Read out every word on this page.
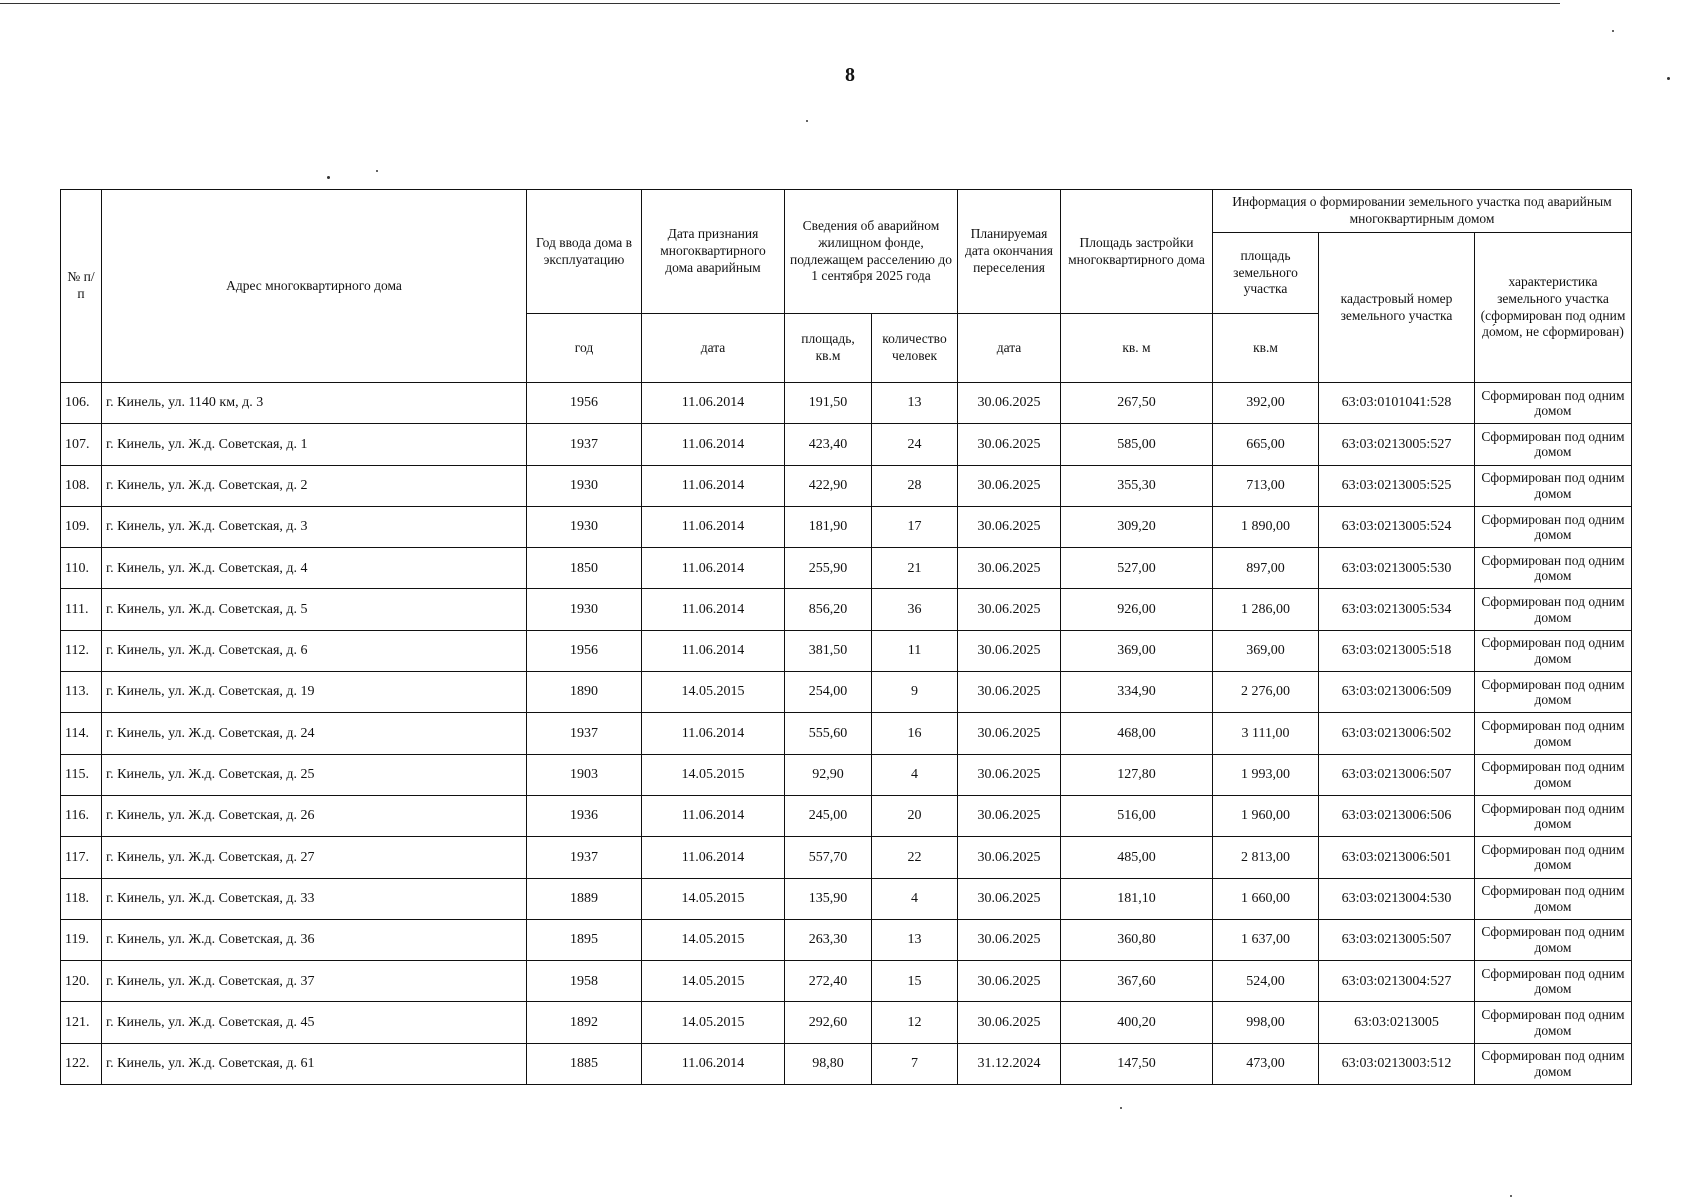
8
№ п/п	Адрес многоквартирного дома	Год ввода дома в эксплуатацию	Дата признания многоквартирного дома аварийным	Сведения об аварийном жилищном фонде, подлежащем расселению до 1 сентября 2025 года		Планируемая дата окончания переселения	Площадь застройки многоквартирного дома	Информация о формировании земельного участка под аварийным многоквартирным домом		
								площадь земельного участка	кадастровый номер земельного участка	характеристика земельного участка (сформирован под одним до́мом, не сформирован)
		год	дата	площадь, кв.м	количество человек	дата	кв. м	кв.м		
106.	г. Кинель, ул. 1140 км, д. 3	1956	11.06.2014	191,50	13	30.06.2025	267,50	392,00	63:03:0101041:528	Сформирован под одним домом
107.	г. Кинель, ул. Ж.д. Советская, д. 1	1937	11.06.2014	423,40	24	30.06.2025	585,00	665,00	63:03:0213005:527	Сформирован под одним домом
108.	г. Кинель, ул. Ж.д. Советская, д. 2	1930	11.06.2014	422,90	28	30.06.2025	355,30	713,00	63:03:0213005:525	Сформирован под одним домом
109.	г. Кинель, ул. Ж.д. Советская, д. 3	1930	11.06.2014	181,90	17	30.06.2025	309,20	1 890,00	63:03:0213005:524	Сформирован под одним домом
110.	г. Кинель, ул. Ж.д. Советская, д. 4	1850	11.06.2014	255,90	21	30.06.2025	527,00	897,00	63:03:0213005:530	Сформирован под одним домом
111.	г. Кинель, ул. Ж.д. Советская, д. 5	1930	11.06.2014	856,20	36	30.06.2025	926,00	1 286,00	63:03:0213005:534	Сформирован под одним домом
112.	г. Кинель, ул. Ж.д. Советская, д. 6	1956	11.06.2014	381,50	11	30.06.2025	369,00	369,00	63:03:0213005:518	Сформирован под одним домом
113.	г. Кинель, ул. Ж.д. Советская, д. 19	1890	14.05.2015	254,00	9	30.06.2025	334,90	2 276,00	63:03:0213006:509	Сформирован под одним домом
114.	г. Кинель, ул. Ж.д. Советская, д. 24	1937	11.06.2014	555,60	16	30.06.2025	468,00	3 111,00	63:03:0213006:502	Сформирован под одним домом
115.	г. Кинель, ул. Ж.д. Советская, д. 25	1903	14.05.2015	92,90	4	30.06.2025	127,80	1 993,00	63:03:0213006:507	Сформирован под одним домом
116.	г. Кинель, ул. Ж.д. Советская, д. 26	1936	11.06.2014	245,00	20	30.06.2025	516,00	1 960,00	63:03:0213006:506	Сформирован под одним домом
117.	г. Кинель, ул. Ж.д. Советская, д. 27	1937	11.06.2014	557,70	22	30.06.2025	485,00	2 813,00	63:03:0213006:501	Сформирован под одним домом
118.	г. Кинель, ул. Ж.д. Советская, д. 33	1889	14.05.2015	135,90	4	30.06.2025	181,10	1 660,00	63:03:0213004:530	Сформирован под одним домом
119.	г. Кинель, ул. Ж.д. Советская, д. 36	1895	14.05.2015	263,30	13	30.06.2025	360,80	1 637,00	63:03:0213005:507	Сформирован под одним домом
120.	г. Кинель, ул. Ж.д. Советская, д. 37	1958	14.05.2015	272,40	15	30.06.2025	367,60	524,00	63:03:0213004:527	Сформирован под одним домом
121.	г. Кинель, ул. Ж.д. Советская, д. 45	1892	14.05.2015	292,60	12	30.06.2025	400,20	998,00	63:03:0213005	Сформирован под одним домом
122.	г. Кинель, ул. Ж.д. Советская, д. 61	1885	11.06.2014	98,80	7	31.12.2024	147,50	473,00	63:03:0213003:512	Сформирован под одним домом
